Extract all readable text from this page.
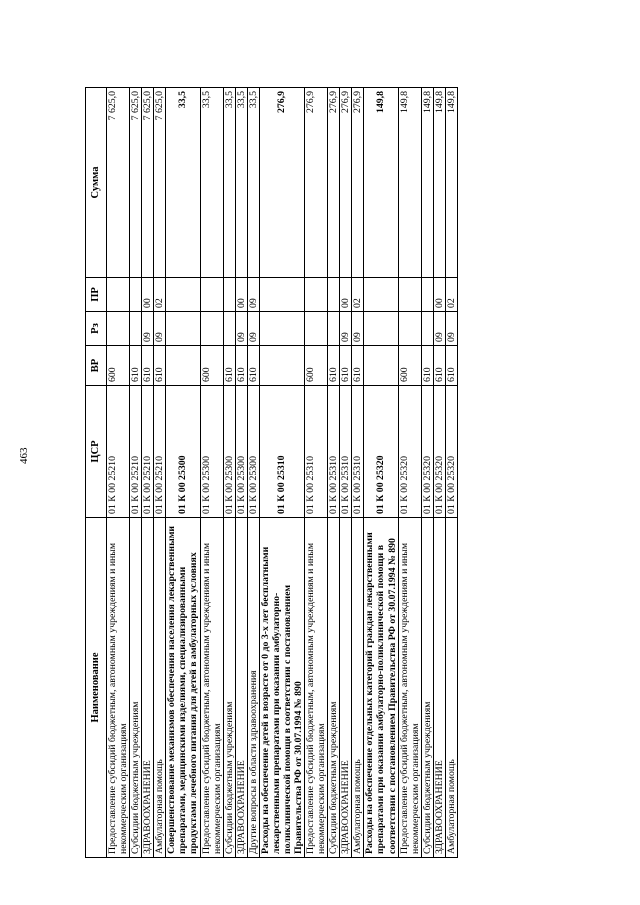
463
Наименование	ЦСР	ВР	Рз	ПР	Сумма
Предоставление субсидий бюджетным, автономным учреждениям и иным некоммерческим организациям	01 К 00 25210	600			7 625,0
Субсидии бюджетным учреждениям	01 К 00 25210	610			7 625,0
ЗДРАВООХРАНЕНИЕ	01 К 00 25210	610	09	00	7 625,0
Амбулаторная помощь	01 К 00 25210	610	09	02	7 625,0
Совершенствование механизмов обеспечения населения лекарственными препаратами, медицинскими изделиями, специализированными продуктами лечебного питания для детей в амбулаторных условиях	01 К 00 25300				33,5
Предоставление субсидий бюджетным, автономным учреждениям и иным некоммерческим организациям	01 К 00 25300	600			33,5
Субсидии бюджетным учреждениям	01 К 00 25300	610			33,5
ЗДРАВООХРАНЕНИЕ	01 К 00 25300	610	09	00	33,5
Другие вопросы в области здравоохранения	01 К 00 25300	610	09	09	33,5
Расходы на обеспечение детей в возрасте от 0 до 3-х лет бесплатными лекарственными препаратами при оказании амбулаторно-поликлинической помощи в соответствии с постановлением Правительства РФ от 30.07.1994 № 890	01 К 00 25310				276,9
Предоставление субсидий бюджетным, автономным учреждениям и иным некоммерческим организациям	01 К 00 25310	600			276,9
Субсидии бюджетным учреждениям	01 К 00 25310	610			276,9
ЗДРАВООХРАНЕНИЕ	01 К 00 25310	610	09	00	276,9
Амбулаторная помощь	01 К 00 25310	610	09	02	276,9
Расходы на обеспечение отдельных категорий граждан лекарственными препаратами при оказании амбулаторно-поликлинической помощи в соответствии с постановлением Правительства РФ от 30.07.1994 № 890	01 К 00 25320				149,8
Предоставление субсидий бюджетным, автономным учреждениям и иным некоммерческим организациям	01 К 00 25320	600			149,8
Субсидии бюджетным учреждениям	01 К 00 25320	610			149,8
ЗДРАВООХРАНЕНИЕ	01 К 00 25320	610	09	00	149,8
Амбулаторная помощь	01 К 00 25320	610	09	02	149,8
